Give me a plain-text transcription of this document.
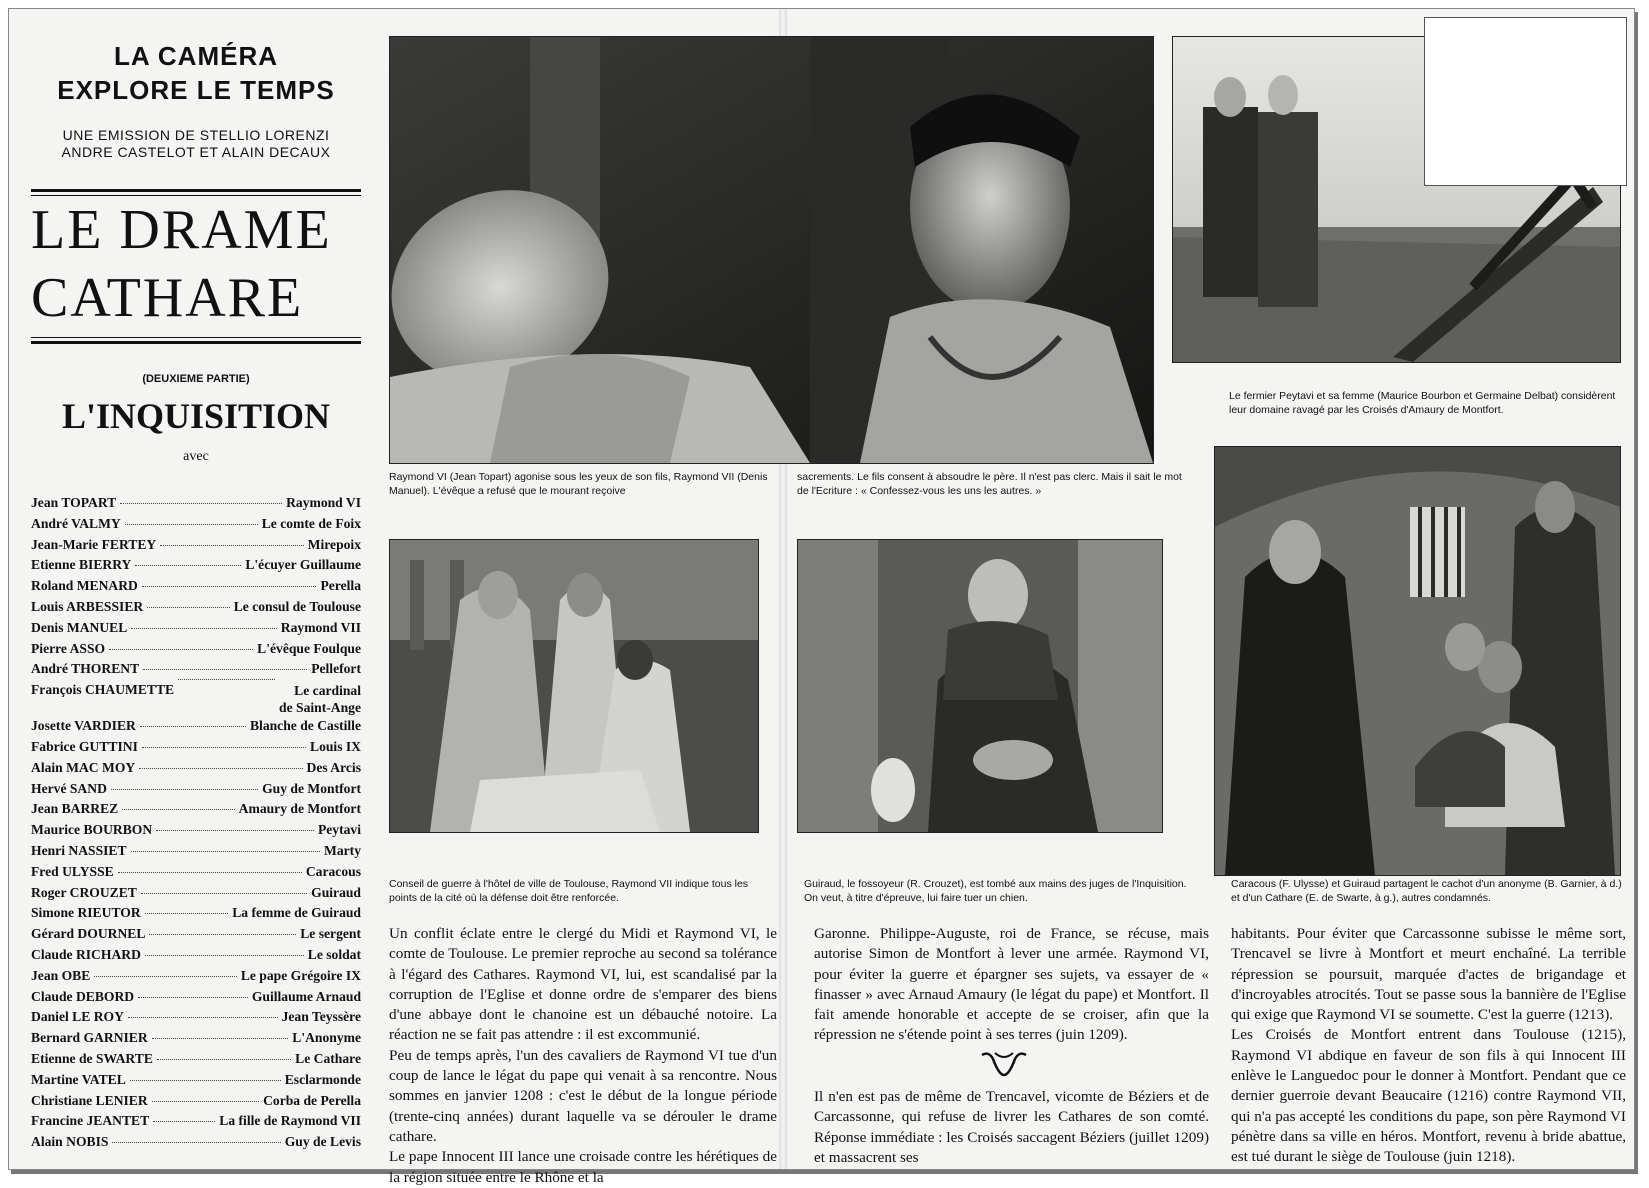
LA CAMÉRA
EXPLORE LE TEMPS
UNE EMISSION DE STELLIO LORENZI
ANDRE CASTELOT ET ALAIN DECAUX
LE DRAME
CATHARE
(DEUXIEME PARTIE)
L'INQUISITION
avec
Jean TOPART	Raymond VI
André VALMY	Le comte de Foix
Jean-Marie FERTEY	Mirepoix
Etienne BIERRY	L'écuyer Guillaume
Roland MENARD	Perella
Louis ARBESSIER	Le consul de Toulouse
Denis MANUEL	Raymond VII
Pierre ASSO	L'évêque Foulque
André THORENT	Pellefort
François CHAUMETTE	Le cardinal
de Saint-Ange
Josette VARDIER	Blanche de Castille
Fabrice GUTTINI	Louis IX
Alain MAC MOY	Des Arcis
Hervé SAND	Guy de Montfort
Jean BARREZ	Amaury de Montfort
Maurice BOURBON	Peytavi
Henri NASSIET	Marty
Fred ULYSSE	Caracous
Roger CROUZET	Guiraud
Simone RIEUTOR	La femme de Guiraud
Gérard DOURNEL	Le sergent
Claude RICHARD	Le soldat
Jean OBE	Le pape Grégoire IX
Claude DEBORD	Guillaume Arnaud
Daniel LE ROY	Jean Teyssère
Bernard GARNIER	L'Anonyme
Etienne de SWARTE	Le Cathare
Martine VATEL	Esclarmonde
Christiane LENIER	Corba de Perella
Francine JEANTET	La fille de Raymond VII
Alain NOBIS	Guy de Levis
Raymond VI (Jean Topart) agonise sous les yeux de son fils, Raymond VII (Denis Manuel). L'évêque a refusé que le mourant reçoive
sacrements. Le fils consent à absoudre le père. Il n'est pas clerc. Mais il sait le mot de l'Ecriture : « Confessez-vous les uns les autres. »
Le fermier Peytavi et sa femme (Maurice Bourbon et Germaine Delbat) considèrent leur domaine ravagé par les Croisés d'Amaury de Montfort.
Conseil de guerre à l'hôtel de ville de Toulouse, Raymond VII indique tous les points de la cité où la défense doit être renforcée.
Guiraud, le fossoyeur (R. Crouzet), est tombé aux mains des juges de l'Inquisition. On veut, à titre d'épreuve, lui faire tuer un chien.
Caracous (F. Ulysse) et Guiraud partagent le cachot d'un anonyme (B. Garnier, à d.) et d'un Cathare (E. de Swarte, à g.), autres condamnés.

Un conflit éclate entre le clergé du Midi et Raymond VI, le comte de Toulouse. Le premier reproche au second sa tolérance à l'égard des Cathares. Raymond VI, lui, est scandalisé par la corruption de l'Eglise et donne ordre de s'emparer des biens d'une abbaye dont le chanoine est un débauché notoire. La réaction ne se fait pas attendre : il est excommunié.

Peu de temps après, l'un des cavaliers de Raymond VI tue d'un coup de lance le légat du pape qui venait à sa rencontre. Nous sommes en janvier 1208 : c'est le début de la longue période (trente-cinq années) durant laquelle va se dérouler le drame cathare.

Le pape Innocent III lance une croisade contre les hérétiques de la région située entre le Rhône et la

Garonne. Philippe-Auguste, roi de France, se récuse, mais autorise Simon de Montfort à lever une armée. Raymond VI, pour éviter la guerre et épargner ses sujets, va essayer de « finasser » avec Arnaud Amaury (le légat du pape) et Montfort. Il fait amende honorable et accepte de se croiser, afin que la répression ne s'étende point à ses terres (juin 1209).

Il n'en est pas de même de Trencavel, vicomte de Béziers et de Carcassonne, qui refuse de livrer les Cathares de son comté. Réponse immédiate : les Croisés saccagent Béziers (juillet 1209) et massacrent ses

habitants. Pour éviter que Carcassonne subisse le même sort, Trencavel se livre à Montfort et meurt enchaîné. La terrible répression se poursuit, marquée d'actes de brigandage et d'incroyables atrocités. Tout se passe sous la bannière de l'Eglise qui exige que Raymond VI se soumette. C'est la guerre (1213).

Les Croisés de Montfort entrent dans Toulouse (1215), Raymond VI abdique en faveur de son fils à qui Innocent III enlève le Languedoc pour le donner à Montfort. Pendant que ce dernier guerroie devant Beaucaire (1216) contre Raymond VII, qui n'a pas accepté les conditions du pape, son père Raymond VI pénètre dans sa ville en héros. Montfort, revenu à bride abattue, est tué durant le siège de Toulouse (juin 1218).
